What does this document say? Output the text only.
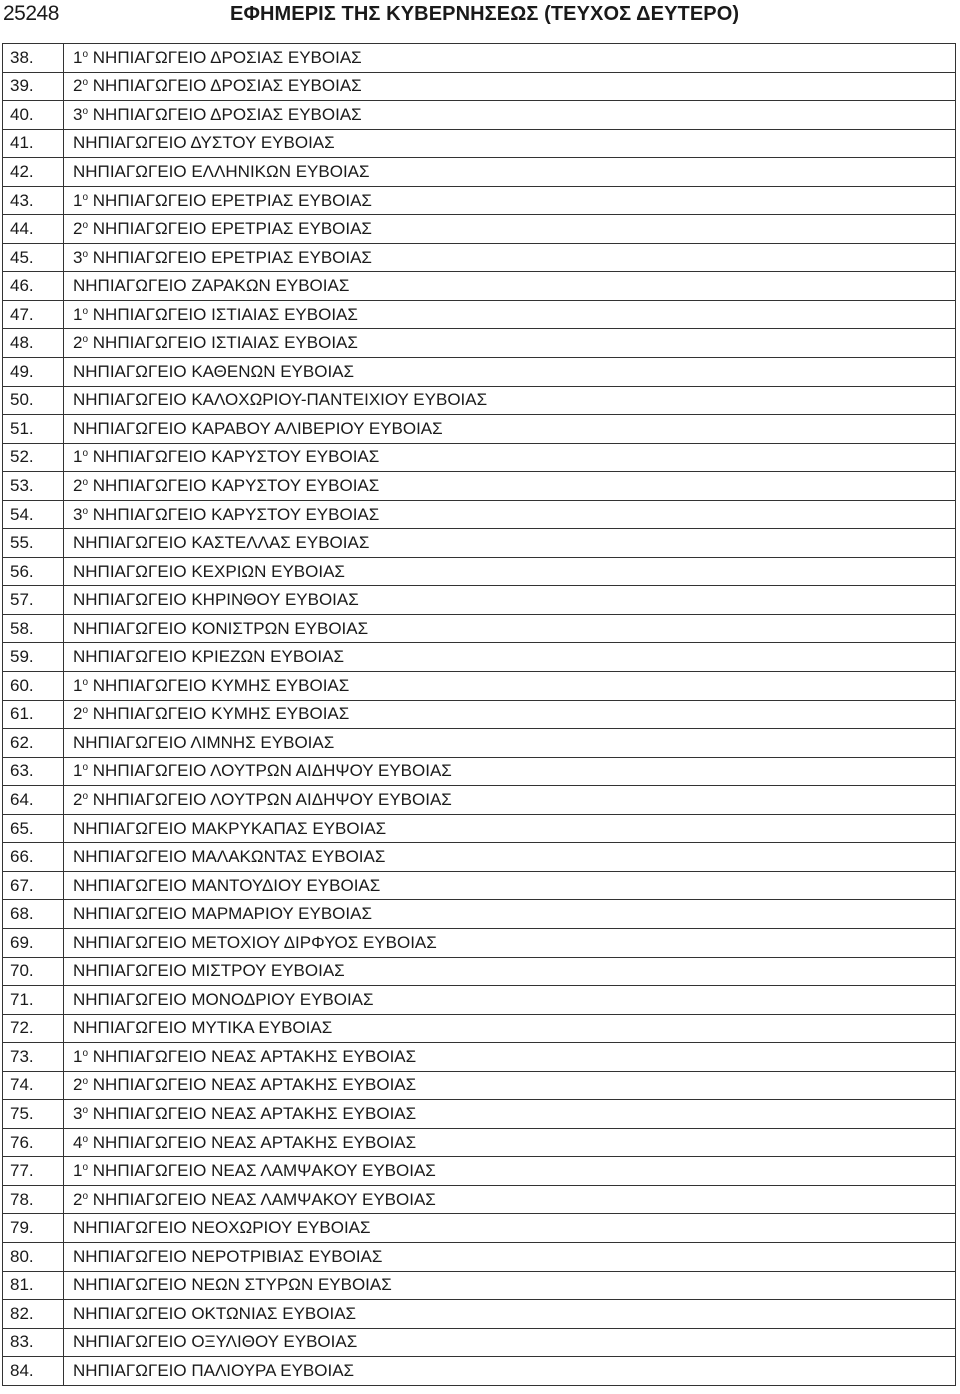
25248	ΕΦΗΜΕΡΙΣ ΤΗΣ ΚΥΒΕΡΝΗΣΕΩΣ (ΤΕΥΧΟΣ ΔΕΥΤΕΡΟ)
38.	$1^o$ ΝΗΠΙΑΓΩΓΕΙΟ ΔΡΟΣΙΑΣ ΕΥΒΟΙΑΣ
39.	$2^o$ ΝΗΠΙΑΓΩΓΕΙΟ ΔΡΟΣΙΑΣ ΕΥΒΟΙΑΣ
40.	$3^o$ ΝΗΠΙΑΓΩΓΕΙΟ ΔΡΟΣΙΑΣ ΕΥΒΟΙΑΣ
41.	ΝΗΠΙΑΓΩΓΕΙΟ ΔΥΣΤΟΥ ΕΥΒΟΙΑΣ
42.	ΝΗΠΙΑΓΩΓΕΙΟ ΕΛΛΗΝΙΚΩΝ ΕΥΒΟΙΑΣ
43.	$1^o$ ΝΗΠΙΑΓΩΓΕΙΟ ΕΡΕΤΡΙΑΣ ΕΥΒΟΙΑΣ
44.	$2^o$ ΝΗΠΙΑΓΩΓΕΙΟ ΕΡΕΤΡΙΑΣ ΕΥΒΟΙΑΣ
45.	$3^o$ ΝΗΠΙΑΓΩΓΕΙΟ ΕΡΕΤΡΙΑΣ ΕΥΒΟΙΑΣ
46.	ΝΗΠΙΑΓΩΓΕΙΟ ΖΑΡΑΚΩΝ ΕΥΒΟΙΑΣ
47.	$1^o$ ΝΗΠΙΑΓΩΓΕΙΟ ΙΣΤΙΑΙΑΣ ΕΥΒΟΙΑΣ
48.	$2^o$ ΝΗΠΙΑΓΩΓΕΙΟ ΙΣΤΙΑΙΑΣ ΕΥΒΟΙΑΣ
49.	ΝΗΠΙΑΓΩΓΕΙΟ ΚΑΘΕΝΩΝ ΕΥΒΟΙΑΣ
50.	ΝΗΠΙΑΓΩΓΕΙΟ ΚΑΛΟΧΩΡΙΟΥ-ΠΑΝΤΕΙΧΙΟΥ ΕΥΒΟΙΑΣ
51.	ΝΗΠΙΑΓΩΓΕΙΟ ΚΑΡΑΒΟΥ ΑΛΙΒΕΡΙΟΥ ΕΥΒΟΙΑΣ
52.	$1^o$ ΝΗΠΙΑΓΩΓΕΙΟ ΚΑΡΥΣΤΟΥ ΕΥΒΟΙΑΣ
53.	$2^o$ ΝΗΠΙΑΓΩΓΕΙΟ ΚΑΡΥΣΤΟΥ ΕΥΒΟΙΑΣ
54.	$3^o$ ΝΗΠΙΑΓΩΓΕΙΟ ΚΑΡΥΣΤΟΥ ΕΥΒΟΙΑΣ
55.	ΝΗΠΙΑΓΩΓΕΙΟ ΚΑΣΤΕΛΛΑΣ ΕΥΒΟΙΑΣ
56.	ΝΗΠΙΑΓΩΓΕΙΟ ΚΕΧΡΙΩΝ ΕΥΒΟΙΑΣ
57.	ΝΗΠΙΑΓΩΓΕΙΟ ΚΗΡΙΝΘΟΥ ΕΥΒΟΙΑΣ
58.	ΝΗΠΙΑΓΩΓΕΙΟ ΚΟΝΙΣΤΡΩΝ ΕΥΒΟΙΑΣ
59.	ΝΗΠΙΑΓΩΓΕΙΟ ΚΡΙΕΖΩΝ ΕΥΒΟΙΑΣ
60.	$1^o$ ΝΗΠΙΑΓΩΓΕΙΟ ΚΥΜΗΣ ΕΥΒΟΙΑΣ
61.	$2^o$ ΝΗΠΙΑΓΩΓΕΙΟ ΚΥΜΗΣ ΕΥΒΟΙΑΣ
62.	ΝΗΠΙΑΓΩΓΕΙΟ ΛΙΜΝΗΣ ΕΥΒΟΙΑΣ
63.	$1^o$ ΝΗΠΙΑΓΩΓΕΙΟ ΛΟΥΤΡΩΝ ΑΙΔΗΨΟΥ ΕΥΒΟΙΑΣ
64.	$2^o$ ΝΗΠΙΑΓΩΓΕΙΟ ΛΟΥΤΡΩΝ ΑΙΔΗΨΟΥ ΕΥΒΟΙΑΣ
65.	ΝΗΠΙΑΓΩΓΕΙΟ ΜΑΚΡΥΚΑΠΑΣ ΕΥΒΟΙΑΣ
66.	ΝΗΠΙΑΓΩΓΕΙΟ ΜΑΛΑΚΩΝΤΑΣ ΕΥΒΟΙΑΣ
67.	ΝΗΠΙΑΓΩΓΕΙΟ ΜΑΝΤΟΥΔΙΟΥ ΕΥΒΟΙΑΣ
68.	ΝΗΠΙΑΓΩΓΕΙΟ ΜΑΡΜΑΡΙΟΥ ΕΥΒΟΙΑΣ
69.	ΝΗΠΙΑΓΩΓΕΙΟ ΜΕΤΟΧΙΟΥ ΔΙΡΦΥΟΣ ΕΥΒΟΙΑΣ
70.	ΝΗΠΙΑΓΩΓΕΙΟ ΜΙΣΤΡΟΥ ΕΥΒΟΙΑΣ
71.	ΝΗΠΙΑΓΩΓΕΙΟ ΜΟΝΟΔΡΙΟΥ ΕΥΒΟΙΑΣ
72.	ΝΗΠΙΑΓΩΓΕΙΟ ΜΥΤΙΚΑ ΕΥΒΟΙΑΣ
73.	$1^o$ ΝΗΠΙΑΓΩΓΕΙΟ ΝΕΑΣ ΑΡΤΑΚΗΣ ΕΥΒΟΙΑΣ
74.	$2^o$ ΝΗΠΙΑΓΩΓΕΙΟ ΝΕΑΣ ΑΡΤΑΚΗΣ ΕΥΒΟΙΑΣ
75.	$3^o$ ΝΗΠΙΑΓΩΓΕΙΟ ΝΕΑΣ ΑΡΤΑΚΗΣ ΕΥΒΟΙΑΣ
76.	$4^o$ ΝΗΠΙΑΓΩΓΕΙΟ ΝΕΑΣ ΑΡΤΑΚΗΣ ΕΥΒΟΙΑΣ
77.	$1^o$ ΝΗΠΙΑΓΩΓΕΙΟ ΝΕΑΣ ΛΑΜΨΑΚΟΥ ΕΥΒΟΙΑΣ
78.	$2^o$ ΝΗΠΙΑΓΩΓΕΙΟ ΝΕΑΣ ΛΑΜΨΑΚΟΥ ΕΥΒΟΙΑΣ
79.	ΝΗΠΙΑΓΩΓΕΙΟ ΝΕΟΧΩΡΙΟΥ ΕΥΒΟΙΑΣ
80.	ΝΗΠΙΑΓΩΓΕΙΟ ΝΕΡΟΤΡΙΒΙΑΣ ΕΥΒΟΙΑΣ
81.	ΝΗΠΙΑΓΩΓΕΙΟ ΝΕΩΝ ΣΤΥΡΩΝ ΕΥΒΟΙΑΣ
82.	ΝΗΠΙΑΓΩΓΕΙΟ ΟΚΤΩΝΙΑΣ ΕΥΒΟΙΑΣ
83.	ΝΗΠΙΑΓΩΓΕΙΟ ΟΞΥΛΙΘΟΥ ΕΥΒΟΙΑΣ
84.	ΝΗΠΙΑΓΩΓΕΙΟ ΠΑΛΙΟΥΡΑ ΕΥΒΟΙΑΣ
